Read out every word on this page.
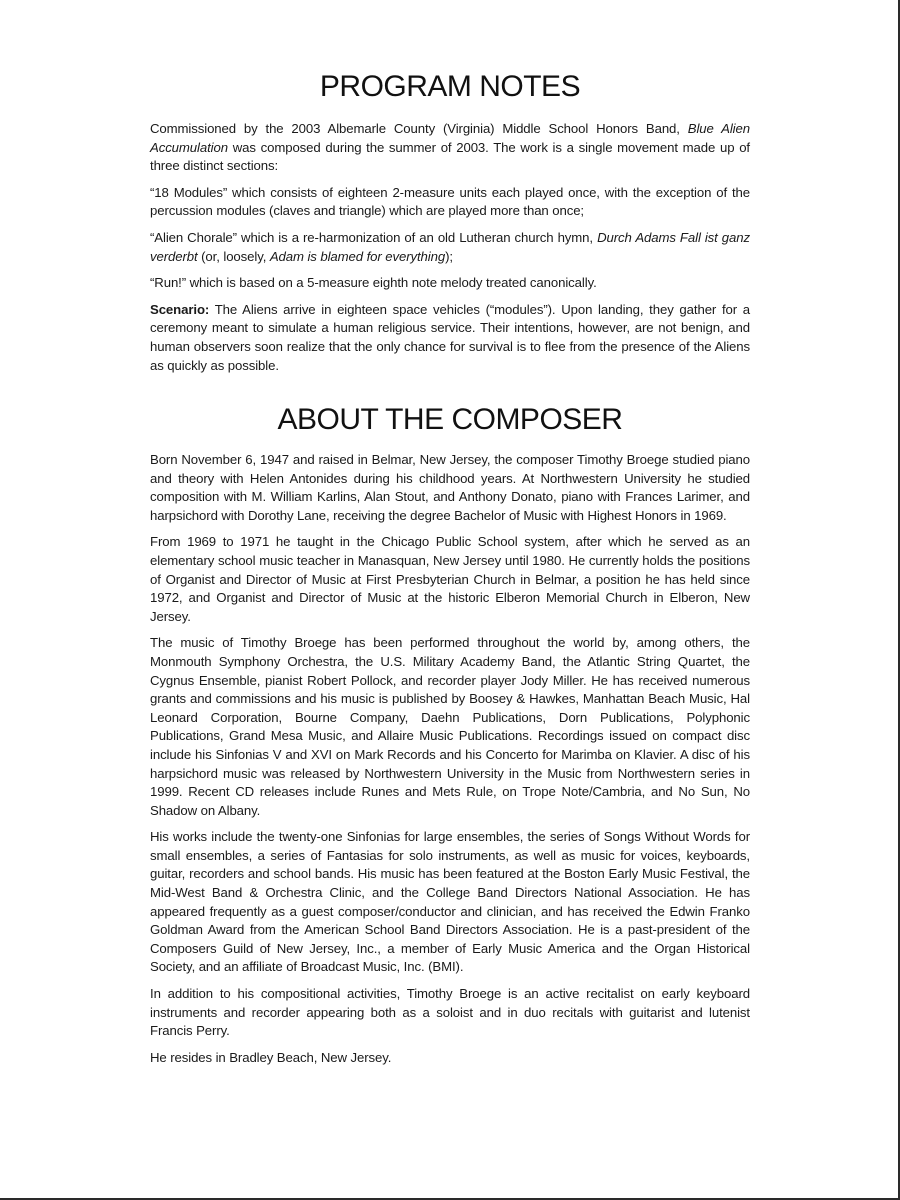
PROGRAM NOTES

Commissioned by the 2003 Albemarle County (Virginia) Middle School Honors Band, Blue Alien Accumulation was composed during the summer of 2003. The work is a single movement made up of three distinct sections:

“18 Modules” which consists of eighteen 2-measure units each played once, with the exception of the percussion modules (claves and triangle) which are played more than once;

“Alien Chorale” which is a re-harmonization of an old Lutheran church hymn, Durch Adams Fall ist ganz verderbt (or, loosely, Adam is blamed for everything);

“Run!” which is based on a 5-measure eighth note melody treated canonically.

Scenario: The Aliens arrive in eighteen space vehicles (“modules”). Upon landing, they gather for a ceremony meant to simulate a human religious service. Their intentions, however, are not benign, and human observers soon realize that the only chance for survival is to flee from the presence of the Aliens as quickly as possible.

ABOUT THE COMPOSER

Born November 6, 1947 and raised in Belmar, New Jersey, the composer Timothy Broege studied piano and theory with Helen Antonides during his childhood years. At Northwestern University he studied composition with M. William Karlins, Alan Stout, and Anthony Donato, piano with Frances Larimer, and harpsichord with Dorothy Lane, receiving the degree Bachelor of Music with Highest Honors in 1969.

From 1969 to 1971 he taught in the Chicago Public School system, after which he served as an elementary school music teacher in Manasquan, New Jersey until 1980. He currently holds the positions of Organist and Director of Music at First Presbyterian Church in Belmar, a position he has held since 1972, and Organist and Director of Music at the historic Elberon Memorial Church in Elberon, New Jersey.

The music of Timothy Broege has been performed throughout the world by, among others, the Monmouth Symphony Orchestra, the U.S. Military Academy Band, the Atlantic String Quartet, the Cygnus Ensemble, pianist Robert Pollock, and recorder player Jody Miller. He has received numerous grants and commissions and his music is published by Boosey & Hawkes, Manhattan Beach Music, Hal Leonard Corporation, Bourne Company, Daehn Publications, Dorn Publications, Polyphonic Publications, Grand Mesa Music, and Allaire Music Publications. Recordings issued on compact disc include his Sinfonias V and XVI on Mark Records and his Concerto for Marimba on Klavier. A disc of his harpsichord music was released by Northwestern University in the Music from Northwestern series in 1999. Recent CD releases include Runes and Mets Rule, on Trope Note/Cambria, and No Sun, No Shadow on Albany.

His works include the twenty-one Sinfonias for large ensembles, the series of Songs Without Words for small ensembles, a series of Fantasias for solo instruments, as well as music for voices, keyboards, guitar, recorders and school bands. His music has been featured at the Boston Early Music Festival, the Mid-West Band & Orchestra Clinic, and the College Band Directors National Association. He has appeared frequently as a guest composer/conductor and clinician, and has received the Edwin Franko Goldman Award from the American School Band Directors Association. He is a past-president of the Composers Guild of New Jersey, Inc., a member of Early Music America and the Organ Historical Society, and an affiliate of Broadcast Music, Inc. (BMI).

In addition to his compositional activities, Timothy Broege is an active recitalist on early keyboard instruments and recorder appearing both as a soloist and in duo recitals with guitarist and lutenist Francis Perry.

He resides in Bradley Beach, New Jersey.
